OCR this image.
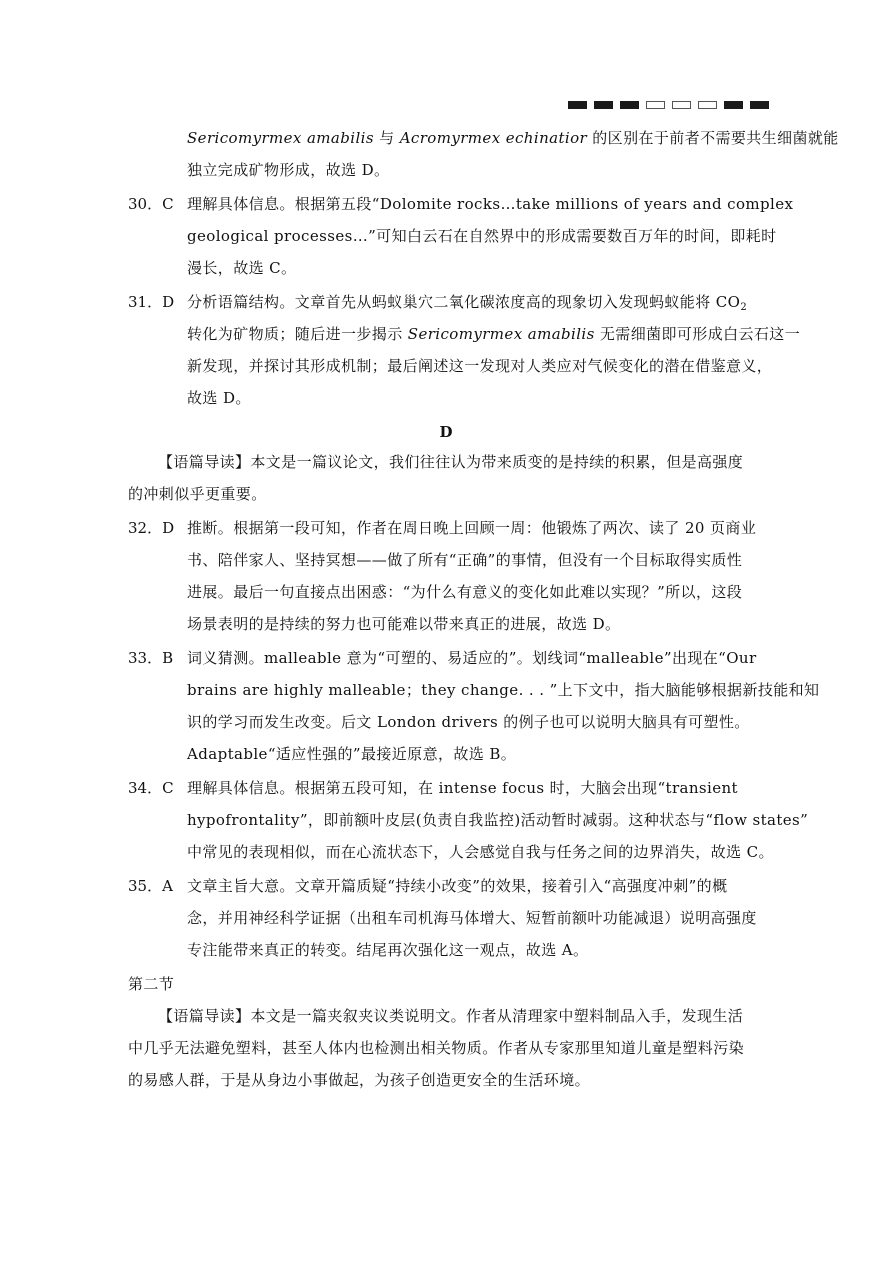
Sericomyrmex amabilis 与 Acromyrmex echinatior 的区别在于前者不需要共生细菌就能
独立完成矿物形成，故选 D。
30．C 理解具体信息。根据第五段“Dolomite rocks…take millions of years and complex
geological processes…”可知白云石在自然界中的形成需要数百万年的时间，即耗时
漫长，故选 C。
31．D 分析语篇结构。文章首先从蚂蚁巢穴二氧化碳浓度高的现象切入发现蚂蚁能将 $CO_2$
转化为矿物质；随后进一步揭示 Sericomyrmex amabilis 无需细菌即可形成白云石这一
新发现，并探讨其形成机制；最后阐述这一发现对人类应对气候变化的潜在借鉴意义，
故选 D。
D
【语篇导读】本文是一篇议论文，我们往往认为带来质变的是持续的积累，但是高强度
的冲刺似乎更重要。
32．D 推断。根据第一段可知，作者在周日晚上回顾一周：他锻炼了两次、读了 20 页商业
书、陪伴家人、坚持冥想——做了所有“正确”的事情，但没有一个目标取得实质性
进展。最后一句直接点出困惑：“为什么有意义的变化如此难以实现？”所以，这段
场景表明的是持续的努力也可能难以带来真正的进展，故选 D。
33．B 词义猜测。malleable 意为“可塑的、易适应的”。划线词“malleable”出现在“Our
brains are highly malleable；they change. . . ”上下文中，指大脑能够根据新技能和知
识的学习而发生改变。后文 London drivers 的例子也可以说明大脑具有可塑性。
Adaptable“适应性强的”最接近原意，故选 B。
34．C 理解具体信息。根据第五段可知，在 intense focus 时，大脑会出现“transient
hypofrontality”，即前额叶皮层(负责自我监控)活动暂时减弱。这种状态与“flow states”
中常见的表现相似，而在心流状态下，人会感觉自我与任务之间的边界消失，故选 C。
35．A 文章主旨大意。文章开篇质疑“持续小改变”的效果，接着引入“高强度冲刺”的概
念，并用神经科学证据（出租车司机海马体增大、短暂前额叶功能减退）说明高强度
专注能带来真正的转变。结尾再次强化这一观点，故选 A。
第二节
【语篇导读】本文是一篇夹叙夹议类说明文。作者从清理家中塑料制品入手，发现生活
中几乎无法避免塑料，甚至人体内也检测出相关物质。作者从专家那里知道儿童是塑料污染
的易感人群，于是从身边小事做起，为孩子创造更安全的生活环境。
